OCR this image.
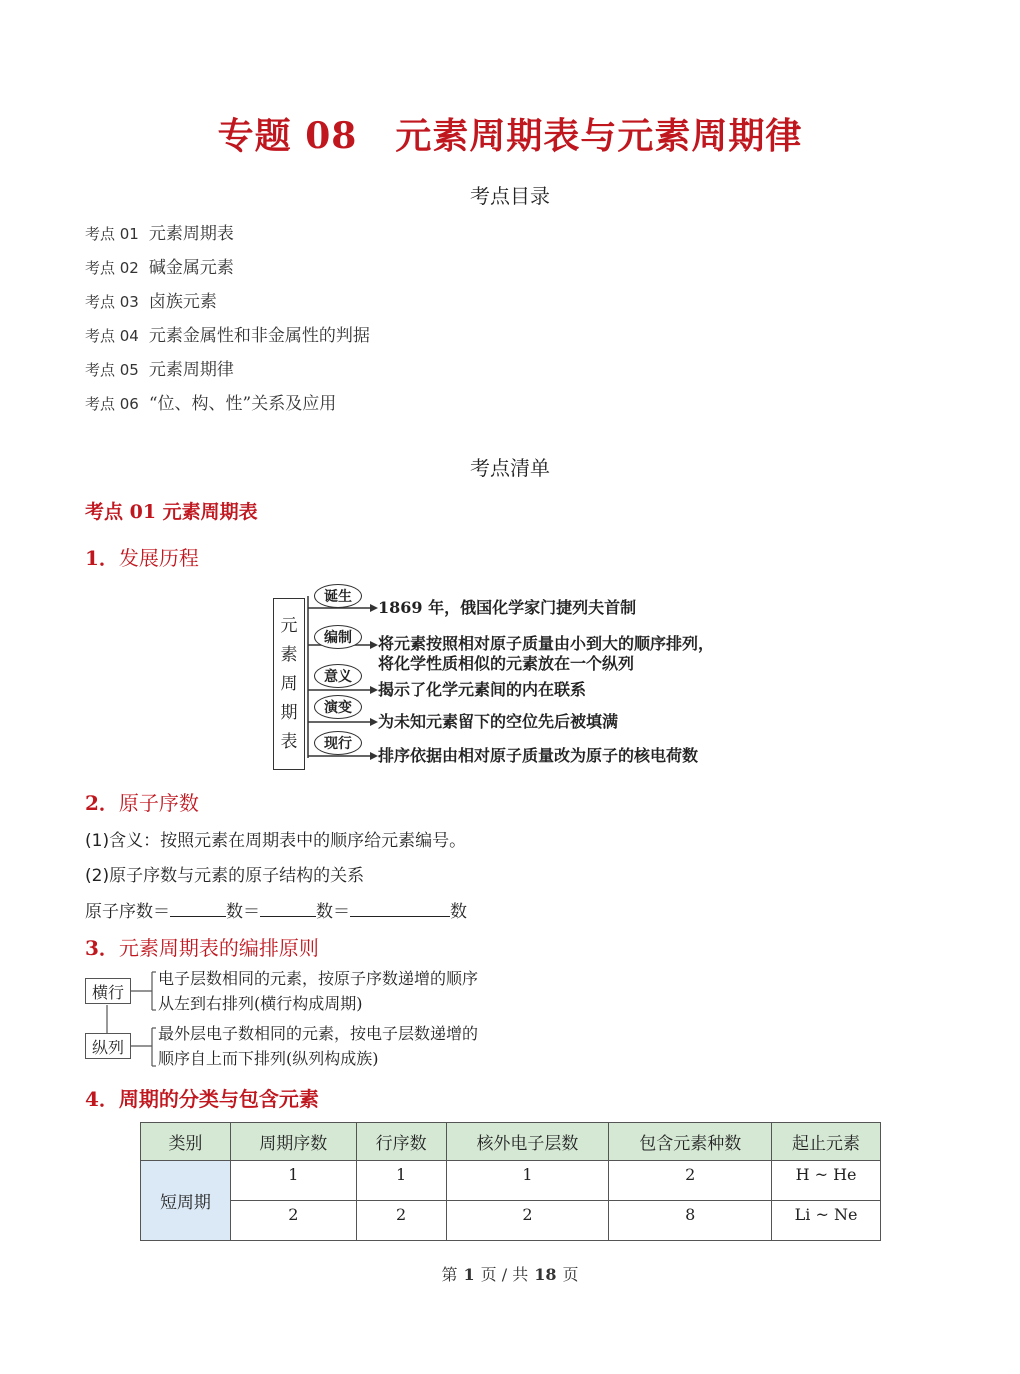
专题 08 元素周期表与元素周期律
考点目录
考点 01 元素周期表
考点 02 碱金属元素
考点 03 卤族元素
考点 04 元素金属性和非金属性的判据
考点 05 元素周期律
考点 06 “位、构、性”关系及应用
考点清单
考点 01 元素周期表
1．发展历程
元
素
周
期
表
诞生
编制
意义
演变
现行
1869 年，俄国化学家门捷列夫首制
将元素按照相对原子质量由小到大的顺序排列，
将化学性质相似的元素放在一个纵列
揭示了化学元素间的内在联系
为未知元素留下的空位先后被填满
排序依据由相对原子质量改为原子的核电荷数
2．原子序数
(1)含义：按照元素在周期表中的顺序给元素编号。
(2)原子序数与元素的原子结构的关系
原子序数＝	数＝	数＝	数
3．元素周期表的编排原则
横行
纵列
电子层数相同的元素，按原子序数递增的顺序
从左到右排列(横行构成周期)
最外层电子数相同的元素，按电子层数递增的
顺序自上而下排列(纵列构成族)
4．周期的分类与包含元素
类别	周期序数	行序数	核外电子层数	包含元素种数	起止元素
短周期	1	1	1	2	H ~ He
	2	2	2	8	Li ~ Ne
第 1 页 / 共 18 页
